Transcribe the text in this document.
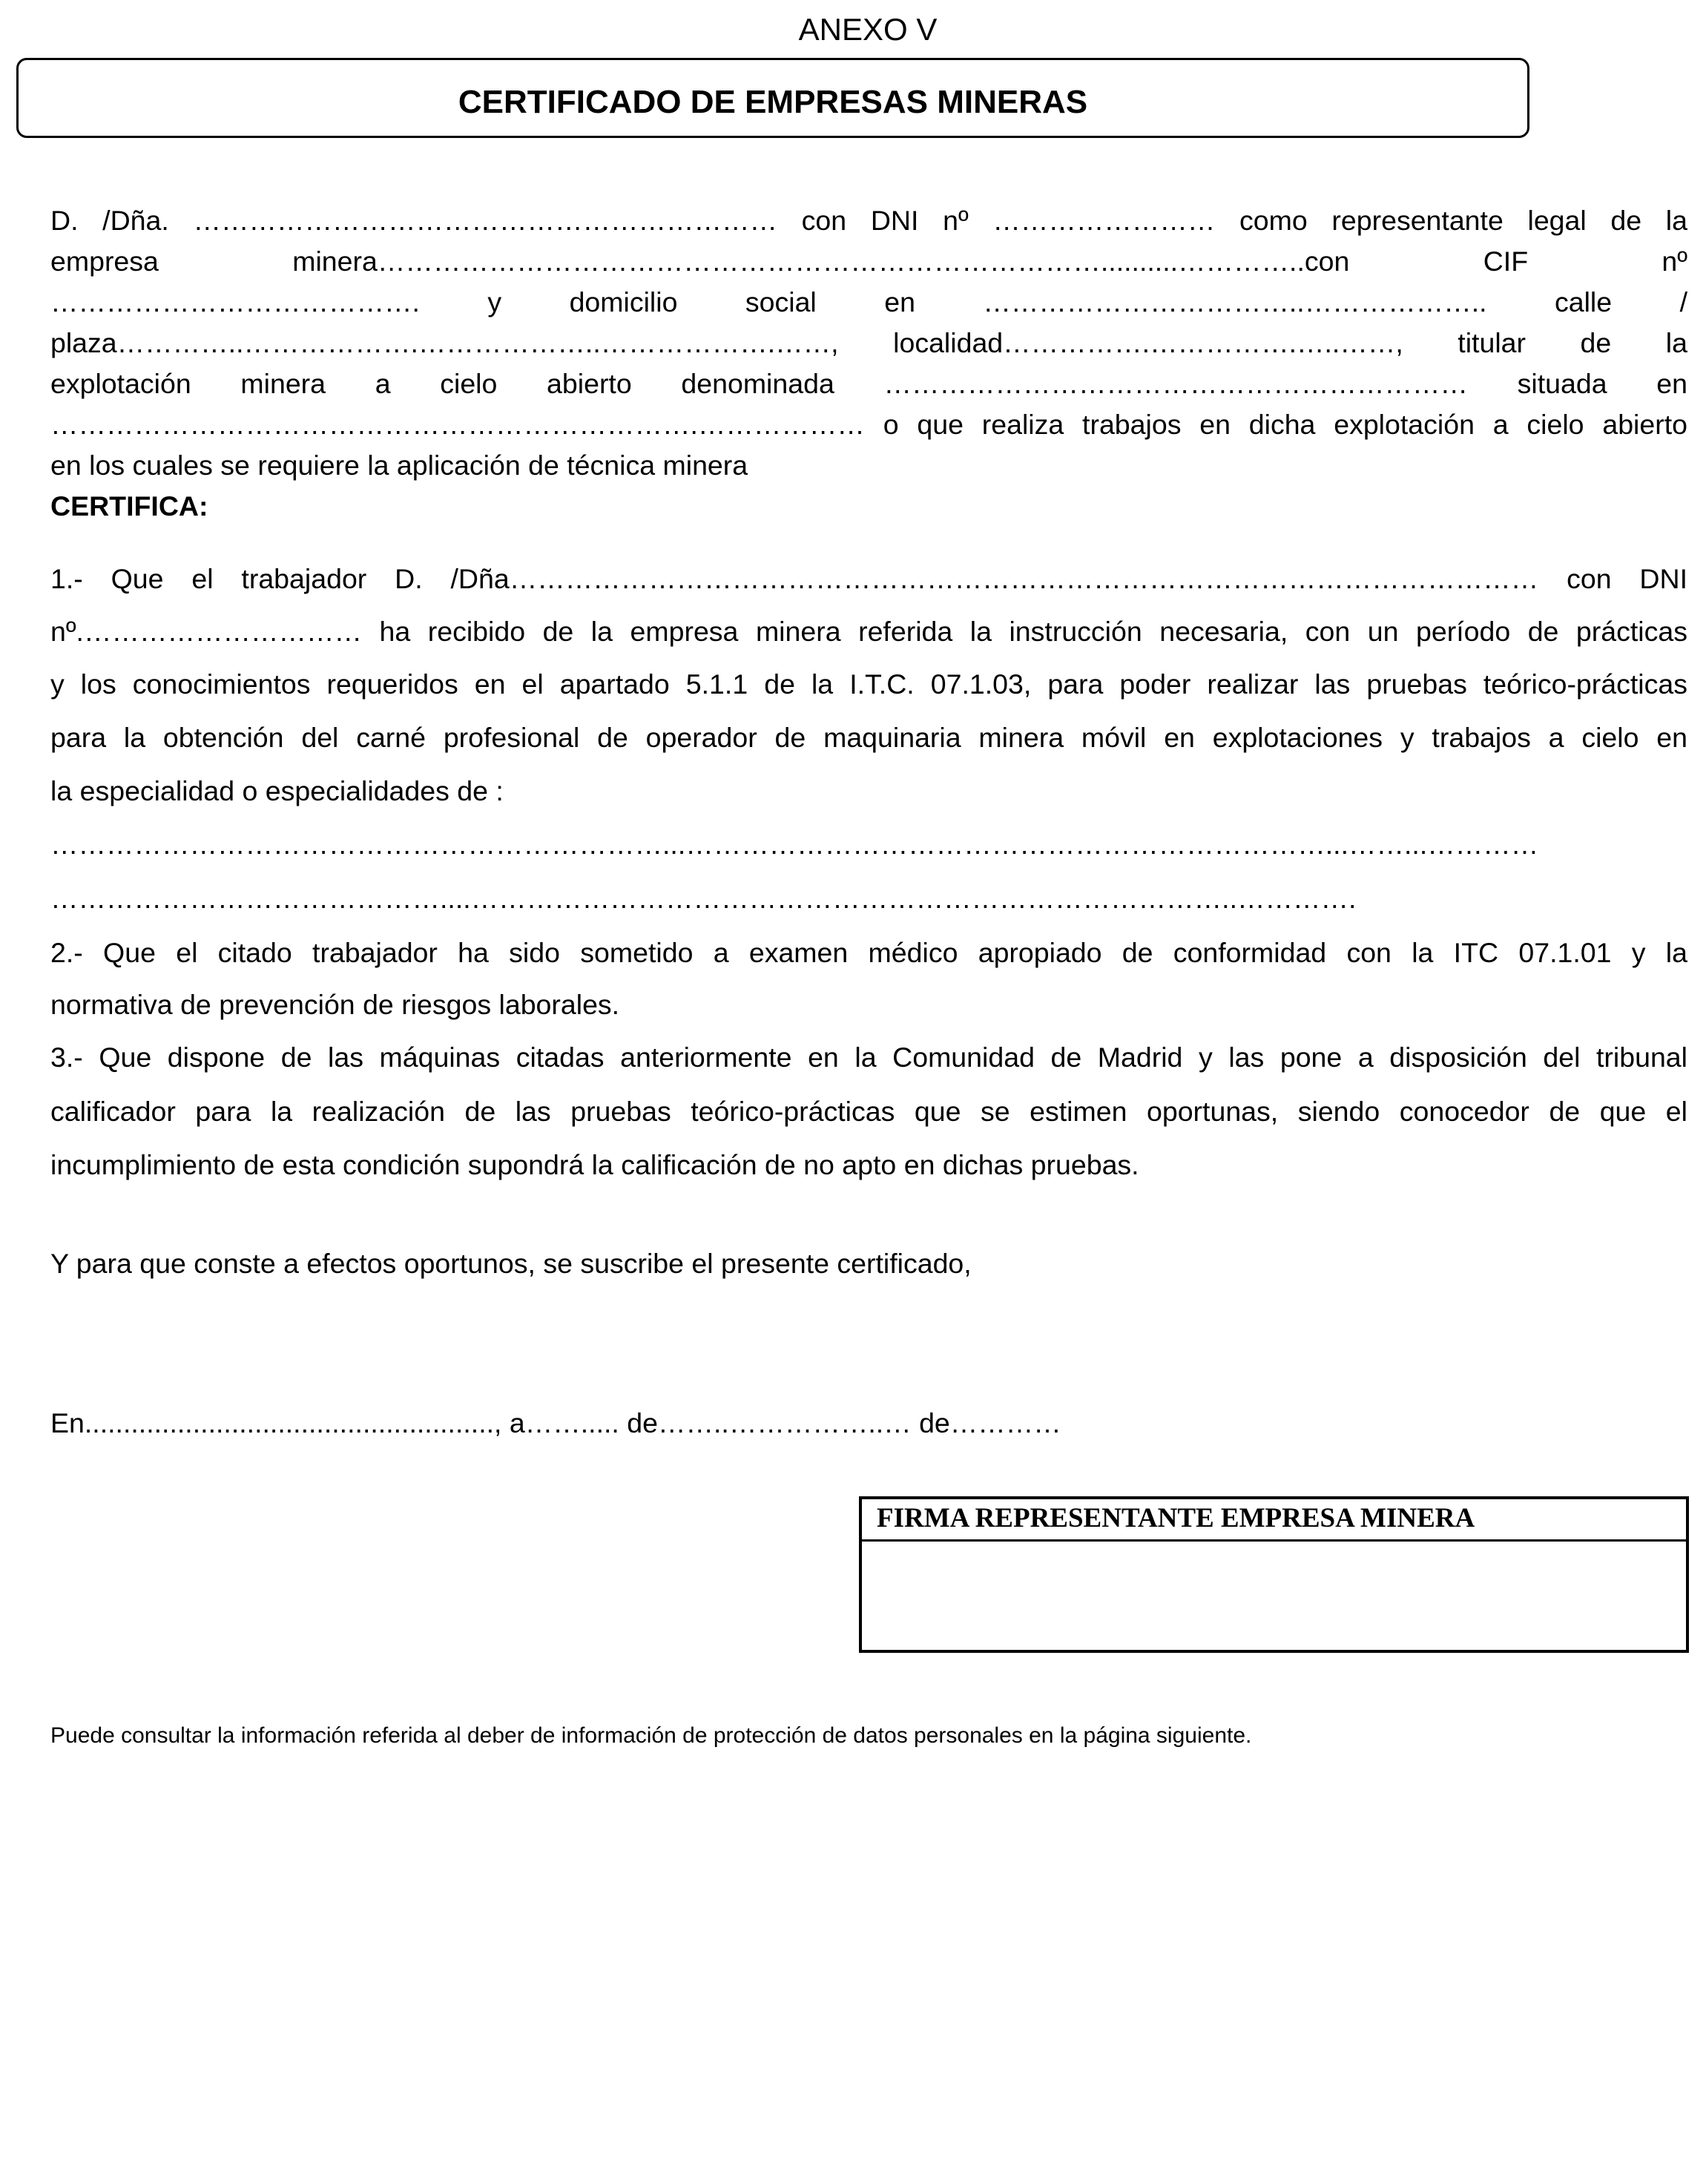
ANEXO V
CERTIFICADO DE EMPRESAS MINERAS
D. /Dña. ……………………………………………………… con DNI nº …………………… como representante legal de la
empresa minera……………………………………………………………………..........…………..con CIF nº
…………………………………. y domicilio social en ……………………………..……………….. calle /
plaza…………..……………….………………..……………….……, localidad…………….…………….…..……, titular de la
explotación minera a cielo abierto denominada ……………………………………………………… situada en
…………………………………………………………….……………… o que realiza trabajos en dicha explotación a cielo abierto
en los cuales se requiere la aplicación de técnica minera
CERTIFICA:
1.- Que el trabajador D. /Dña………………………………………………………………………………………………… con DNI
nº.………………………… ha recibido de la empresa minera referida la instrucción necesaria, con un período de prácticas
y los conocimientos requeridos en el apartado 5.1.1 de la I.T.C. 07.1.03, para poder realizar las pruebas teórico-prácticas
para la obtención del carné profesional de operador de maquinaria minera móvil en explotaciones y trabajos a cielo en
la especialidad o especialidades de :
…………………………………………………………...……………………………………………………………...……...…………
……………………………………....………………………………………………………………………..………….
2.- Que el citado trabajador ha sido sometido a examen médico apropiado de conformidad con la ITC 07.1.01 y la
normativa de prevención de riesgos laborales.
3.- Que dispone de las máquinas citadas anteriormente en la Comunidad de Madrid y las pone a disposición del tribunal
calificador para la realización de las pruebas teórico-prácticas que se estimen oportunas, siendo conocedor de que el
incumplimiento de esta condición supondrá la calificación de no apto en dichas pruebas.
Y para que conste a efectos oportunos, se suscribe el presente certificado,
En....................................................., a……..... de……..……………..… de…………
FIRMA REPRESENTANTE EMPRESA MINERA
Puede consultar la información referida al deber de información de protección de datos personales en la página siguiente.
